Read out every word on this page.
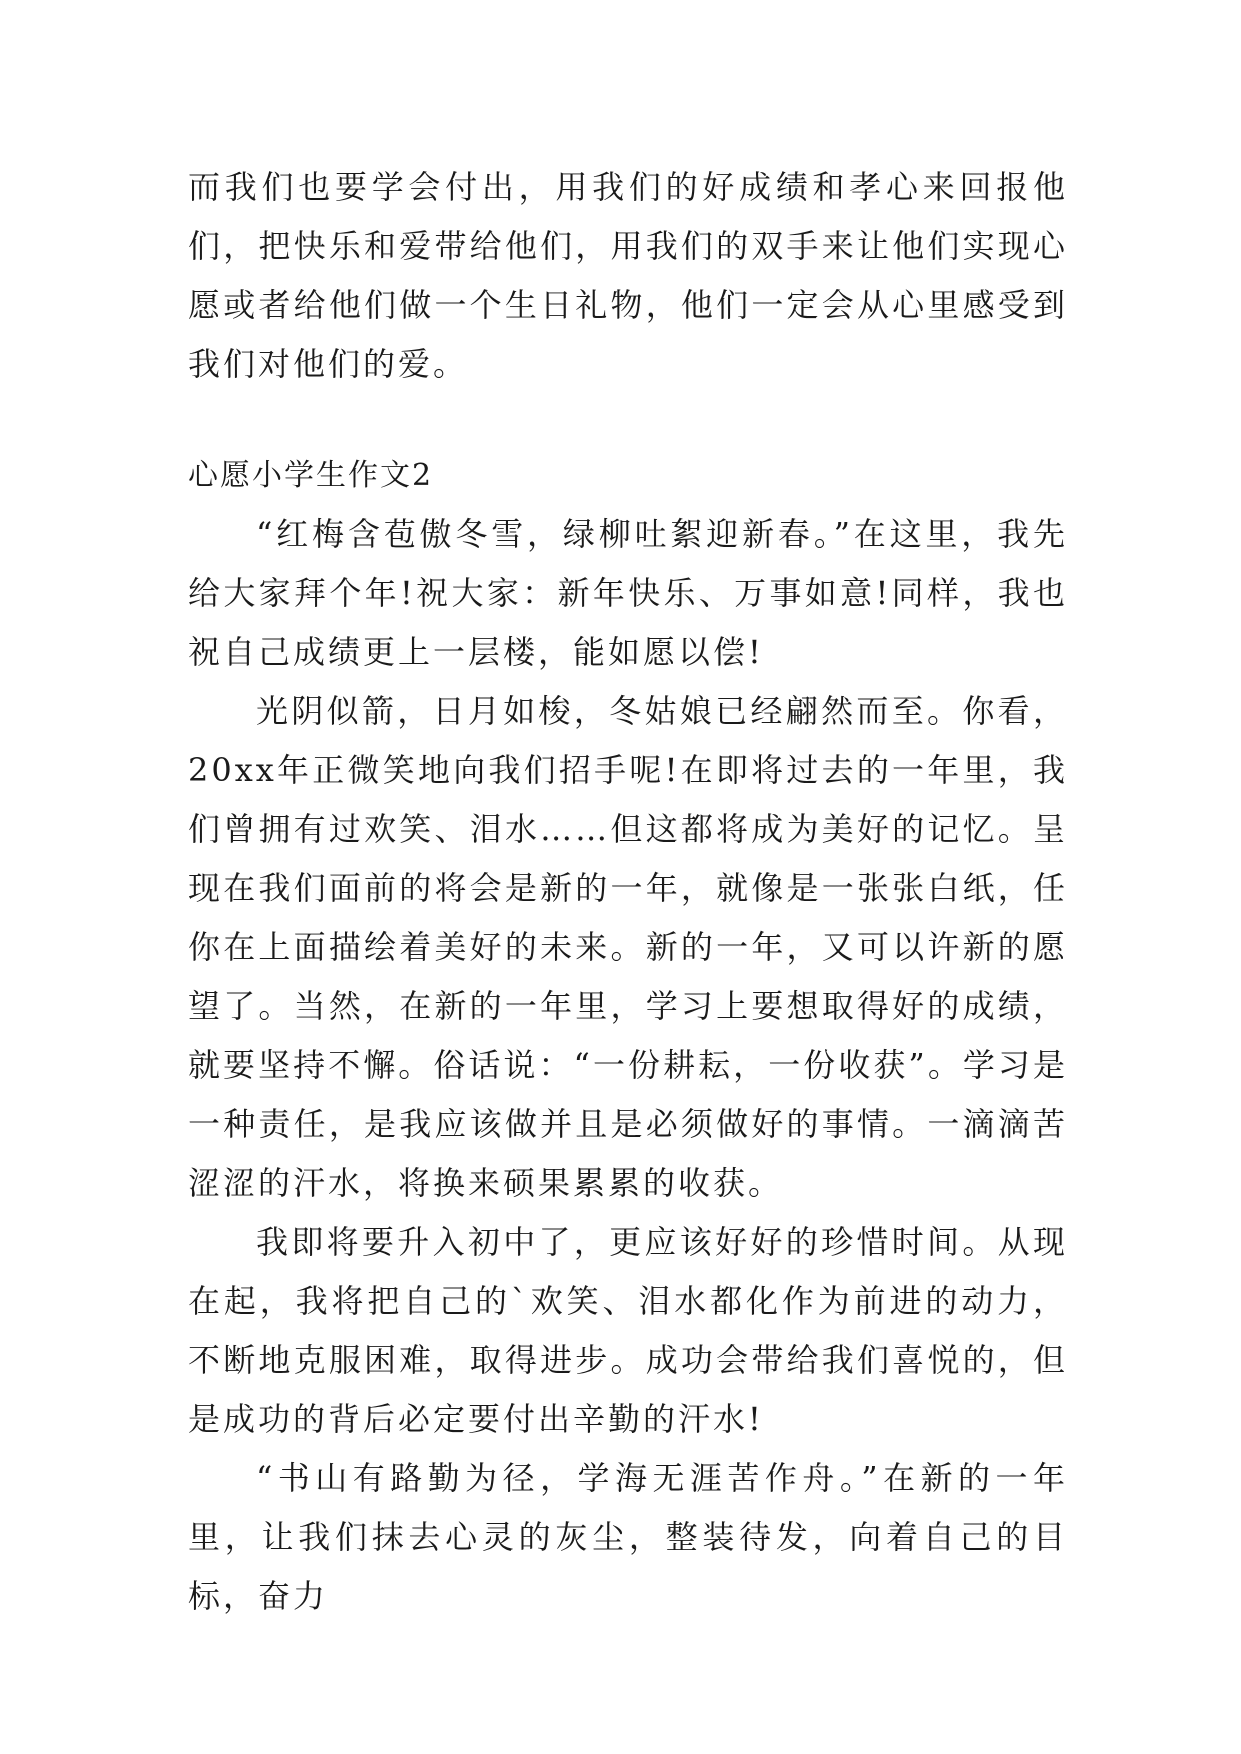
而我们也要学会付出，用我们的好成绩和孝心来回报他们，把快乐和爱带给他们，用我们的双手来让他们实现心愿或者给他们做一个生日礼物，他们一定会从心里感受到我们对他们的爱。

心愿小学生作文2

“红梅含苞傲冬雪，绿柳吐絮迎新春。”在这里，我先给大家拜个年!祝大家：新年快乐、万事如意!同样，我也祝自己成绩更上一层楼，能如愿以偿!

光阴似箭，日月如梭，冬姑娘已经翩然而至。你看，20xx年正微笑地向我们招手呢!在即将过去的一年里，我们曾拥有过欢笑、泪水……但这都将成为美好的记忆。呈现在我们面前的将会是新的一年，就像是一张张白纸，任你在上面描绘着美好的未来。新的一年，又可以许新的愿望了。当然，在新的一年里，学习上要想取得好的成绩，就要坚持不懈。俗话说：“一份耕耘，一份收获”。学习是一种责任，是我应该做并且是必须做好的事情。一滴滴苦涩涩的汗水，将换来硕果累累的收获。

我即将要升入初中了，更应该好好的珍惜时间。从现在起，我将把自己的`欢笑、泪水都化作为前进的动力，不断地克服困难，取得进步。成功会带给我们喜悦的，但是成功的背后必定要付出辛勤的汗水!

“书山有路勤为径，学海无涯苦作舟。”在新的一年里，让我们抹去心灵的灰尘，整装待发，向着自己的目标，奋力
